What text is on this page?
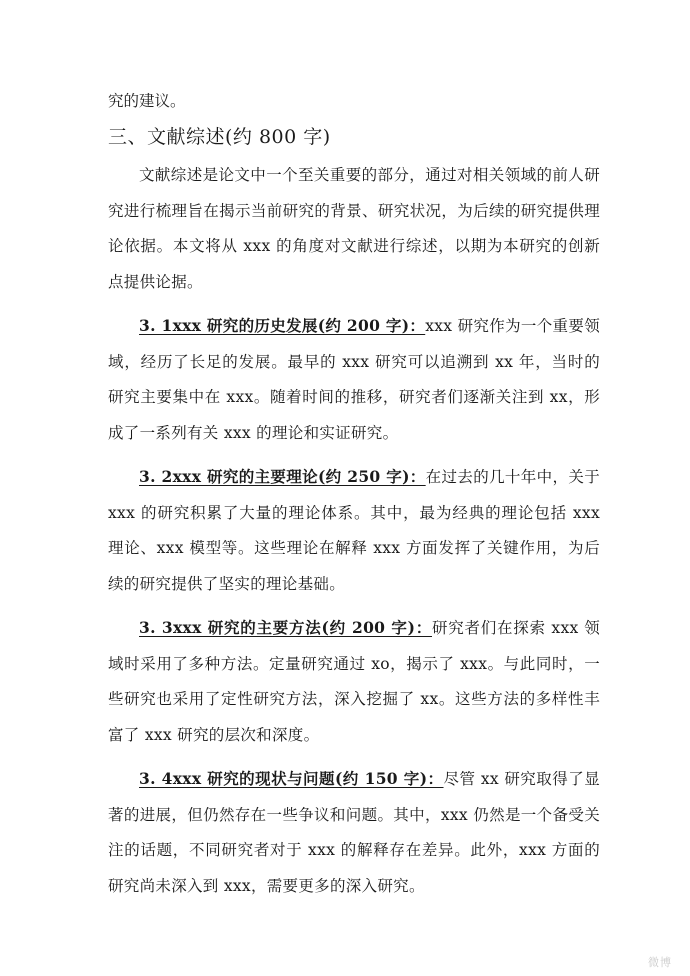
究的建议。

三、文献综述(约 800 字)

文献综述是论文中一个至关重要的部分，通过对相关领域的前人研究进行梳理旨在揭示当前研究的背景、研究状况，为后续的研究提供理论依据。本文将从 xxx 的角度对文献进行综述，以期为本研究的创新点提供论据。

3. 1xxx 研究的历史发展(约 200 字)：xxx 研究作为一个重要领域，经历了长足的发展。最早的 xxx 研究可以追溯到 xx 年，当时的研究主要集中在 xxx。随着时间的推移，研究者们逐渐关注到 xx，形成了一系列有关 xxx 的理论和实证研究。

3. 2xxx 研究的主要理论(约 250 字)：在过去的几十年中，关于 xxx 的研究积累了大量的理论体系。其中，最为经典的理论包括 xxx 理论、xxx 模型等。这些理论在解释 xxx 方面发挥了关键作用，为后续的研究提供了坚实的理论基础。

3. 3xxx 研究的主要方法(约 200 字)：研究者们在探索 xxx 领域时采用了多种方法。定量研究通过 xo，揭示了 xxx。与此同时，一些研究也采用了定性研究方法，深入挖掘了 xx。这些方法的多样性丰富了 xxx 研究的层次和深度。

3. 4xxx 研究的现状与问题(约 150 字)：尽管 xx 研究取得了显著的进展，但仍然存在一些争议和问题。其中，xxx 仍然是一个备受关注的话题，不同研究者对于 xxx 的解释存在差异。此外，xxx 方面的研究尚未深入到 xxx，需要更多的深入研究。

微博
